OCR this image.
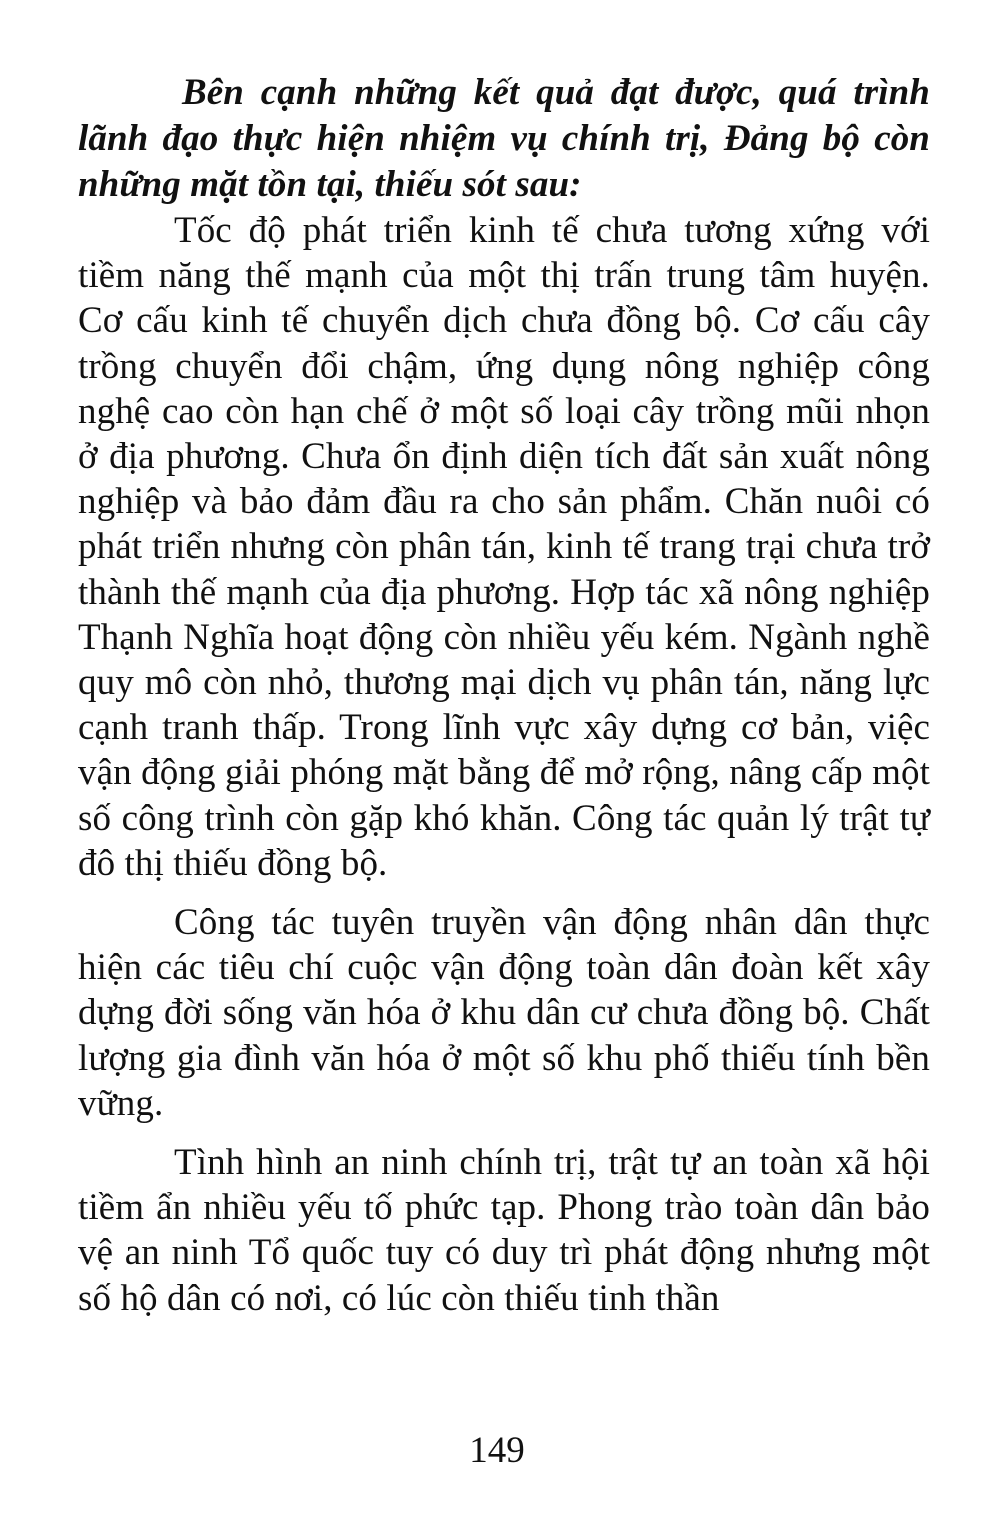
Bên cạnh những kết quả đạt được, quá trình lãnh đạo thực hiện nhiệm vụ chính trị, Đảng bộ còn những mặt tồn tại, thiếu sót sau:

Tốc độ phát triển kinh tế chưa tương xứng với tiềm năng thế mạnh của một thị trấn trung tâm huyện. Cơ cấu kinh tế chuyển dịch chưa đồng bộ. Cơ cấu cây trồng chuyển đổi chậm, ứng dụng nông nghiệp công nghệ cao còn hạn chế ở một số loại cây trồng mũi nhọn ở địa phương. Chưa ổn định diện tích đất sản xuất nông nghiệp và bảo đảm đầu ra cho sản phẩm. Chăn nuôi có phát triển nhưng còn phân tán, kinh tế trang trại chưa trở thành thế mạnh của địa phương. Hợp tác xã nông nghiệp Thạnh Nghĩa hoạt động còn nhiều yếu kém. Ngành nghề quy mô còn nhỏ, thương mại dịch vụ phân tán, năng lực cạnh tranh thấp. Trong lĩnh vực xây dựng cơ bản, việc vận động giải phóng mặt bằng để mở rộng, nâng cấp một số công trình còn gặp khó khăn. Công tác quản lý trật tự đô thị thiếu đồng bộ.

Công tác tuyên truyền vận động nhân dân thực hiện các tiêu chí cuộc vận động toàn dân đoàn kết xây dựng đời sống văn hóa ở khu dân cư chưa đồng bộ. Chất lượng gia đình văn hóa ở một số khu phố thiếu tính bền vững.

Tình hình an ninh chính trị, trật tự an toàn xã hội tiềm ẩn nhiều yếu tố phức tạp. Phong trào toàn dân bảo vệ an ninh Tổ quốc tuy có duy trì phát động nhưng một số hộ dân có nơi, có lúc còn thiếu tinh thần

149
